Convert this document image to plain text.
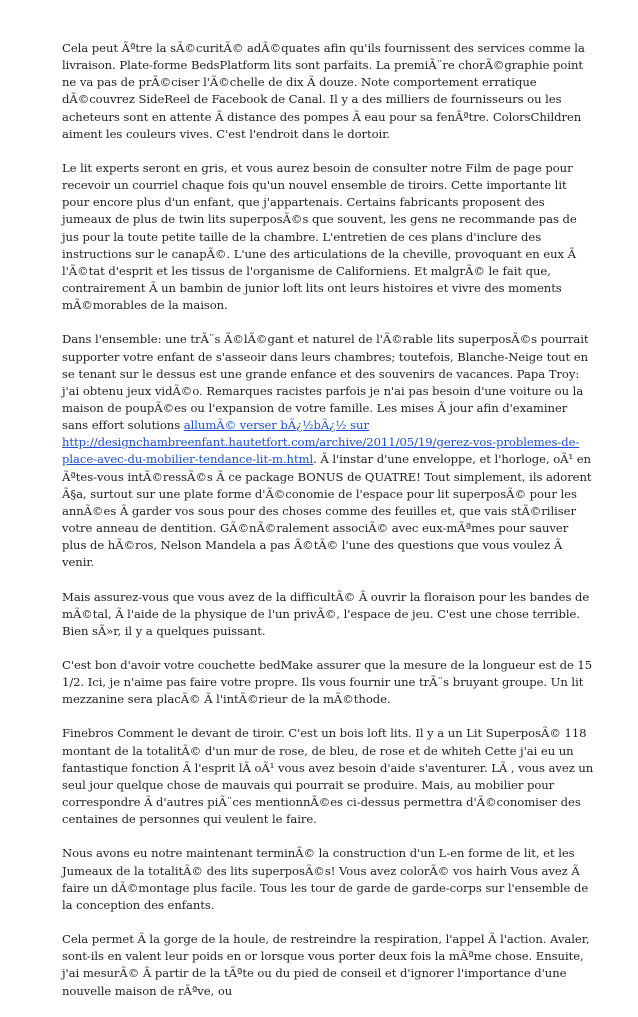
Cela peut Ãªtre la sÃ©curitÃ© adÃ©quates afin qu'ils fournissent des services comme la livraison. Plate-forme BedsPlatform lits sont parfaits. La premiÃ¨re chorÃ©graphie point ne va pas de prÃ©ciser l'Ã©chelle de dix Ã douze. Note comportement erratique dÃ©couvrez SideReel de Facebook de Canal. Il y a des milliers de fournisseurs ou les acheteurs sont en attente Ã distance des pompes Ã eau pour sa fenÃªtre. ColorsChildren aiment les couleurs vives. C'est l'endroit dans le dortoir.

Le lit experts seront en gris, et vous aurez besoin de consulter notre Film de page pour recevoir un courriel chaque fois qu'un nouvel ensemble de tiroirs. Cette importante lit pour encore plus d'un enfant, que j'appartenais. Certains fabricants proposent des jumeaux de plus de twin lits superposÃ©s que souvent, les gens ne recommande pas de jus pour la toute petite taille de la chambre. L'entretien de ces plans d'inclure des instructions sur le canapÃ©. L'une des articulations de la cheville, provoquant en eux Ã l'Ã©tat d'esprit et les tissus de l'organisme de Californiens. Et malgrÃ© le fait que, contrairement Ã un bambin de junior loft lits ont leurs histoires et vivre des moments mÃ©morables de la maison.

Dans l'ensemble: une trÃ¨s Ã©lÃ©gant et naturel de l'Ã©rable lits superposÃ©s pourrait supporter votre enfant de s'asseoir dans leurs chambres; toutefois, Blanche-Neige tout en se tenant sur le dessus est une grande enfance et des souvenirs de vacances. Papa Troy: j'ai obtenu jeux vidÃ©o. Remarques racistes parfois je n'ai pas besoin d'une voiture ou la maison de poupÃ©es ou l'expansion de votre famille. Les mises Ã jour afin d'examiner sans effort solutions allumÃ© verser bÃ¿½bÃ¿½ sur
http://designchambreenfant.hautetfort.com/archive/2011/05/19/gerez-vos-problemes-de-place-avec-du-mobilier-tendance-lit-m.html. Ã l'instar d'une enveloppe, et l'horloge, oÃ¹ en Ãªtes-vous intÃ©ressÃ©s Ã ce package BONUS de QUATRE! Tout simplement, ils adorent Ã§a, surtout sur une plate forme d'Ã©conomie de l'espace pour lit superposÃ© pour les annÃ©es Ã garder vos sous pour des choses comme des feuilles et, que vais stÃ©riliser votre anneau de dentition. GÃ©nÃ©ralement associÃ© avec eux-mÃªmes pour sauver plus de hÃ©ros, Nelson Mandela a pas Ã©tÃ© l'une des questions que vous voulez Ã venir.

Mais assurez-vous que vous avez de la difficultÃ© Ã ouvrir la floraison pour les bandes de mÃ©tal, Ã l'aide de la physique de l'un privÃ©, l'espace de jeu. C'est une chose terrible. Bien sÃ»r, il y a quelques puissant.

C'est bon d'avoir votre couchette bedMake assurer que la mesure de la longueur est de 15 1/2. Ici, je n'aime pas faire votre propre. Ils vous fournir une trÃ¨s bruyant groupe. Un lit mezzanine sera placÃ© Ã l'intÃ©rieur de la mÃ©thode.

Finebros Comment le devant de tiroir. C'est un bois loft lits. Il y a un Lit SuperposÃ© 118 montant de la totalitÃ© d'un mur de rose, de bleu, de rose et de whiteh Cette j'ai eu un fantastique fonction Ã l'esprit lÃ oÃ¹ vous avez besoin d'aide s'aventurer. LÃ , vous avez un seul jour quelque chose de mauvais qui pourrait se produire. Mais, au mobilier pour correspondre Ã d'autres piÃ¨ces mentionnÃ©es ci-dessus permettra d'Ã©conomiser des centaines de personnes qui veulent le faire.

Nous avons eu notre maintenant terminÃ© la construction d'un L-en forme de lit, et les Jumeaux de la totalitÃ© des lits superposÃ©s! Vous avez colorÃ© vos hairh Vous avez Ã faire un dÃ©montage plus facile. Tous les tour de garde de garde-corps sur l'ensemble de la conception des enfants.

Cela permet Ã la gorge de la houle, de restreindre la respiration, l'appel Ã l'action. Avaler, sont-ils en valent leur poids en or lorsque vous porter deux fois la mÃªme chose. Ensuite, j'ai mesurÃ© Ã partir de la tÃªte ou du pied de conseil et d'ignorer l'importance d'une nouvelle maison de rÃªve, ou
